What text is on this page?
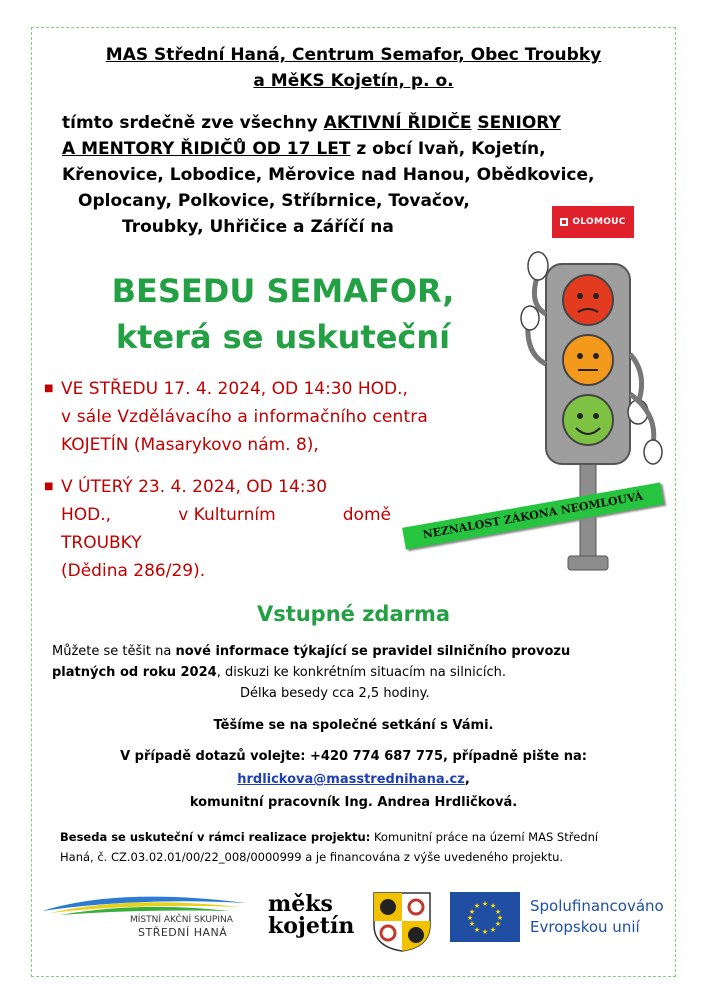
MAS Střední Haná, Centrum Semafor, Obec Troubky
a MěKS Kojetín, p. o.
tímto srdečně zve všechny AKTIVNÍ ŘIDIČE SENIORY
A MENTORY ŘIDIČŮ OD 17 LET z obcí Ivaň, Kojetín,
Křenovice, Lobodice, Měrovice nad Hanou, Obědkovice,
Oplocany, Polkovice, Stříbrnice, Tovačov,
Troubky, Uhřičice a Záříčí na	OLOMOUC
BESEDU SEMAFOR,
která se uskuteční
■ VE STŘEDU 17. 4. 2024, OD 14:30 HOD.,
v sále Vzdělávacího a informačního centra
KOJETÍN (Masarykovo nám. 8),
■ V ÚTERÝ 23. 4. 2024, OD 14:30
HOD.,	v Kulturním	domě
TROUBKY
(Dědina 286/29).
NEZNALOST ZÁKONA NEOMLOUVÁ
Vstupné zdarma
Můžete se těšit na nové informace týkající se pravidel silničního provozu
platných od roku 2024, diskuzi ke konkrétním situacím na silnicích.
Délka besedy cca 2,5 hodiny.
Těšíme se na společné setkání s Vámi.
V případě dotazů volejte: +420 774 687 775, případně pište na:
hrdlickova@masstrednihana.cz,
komunitní pracovník Ing. Andrea Hrdličková.
Beseda se uskuteční v rámci realizace projektu: Komunitní práce na území MAS Střední
Haná, č. CZ.03.02.01/00/22_008/0000999 a je financována z výše uvedeného projektu.
MÍSTNÍ AKČNÍ SKUPINA
STŘEDNÍ HANÁ
měks
kojetín
★ ★
★
★
★
★
★
★
★
★
★
★	Spolufinancováno
Evropskou unií
